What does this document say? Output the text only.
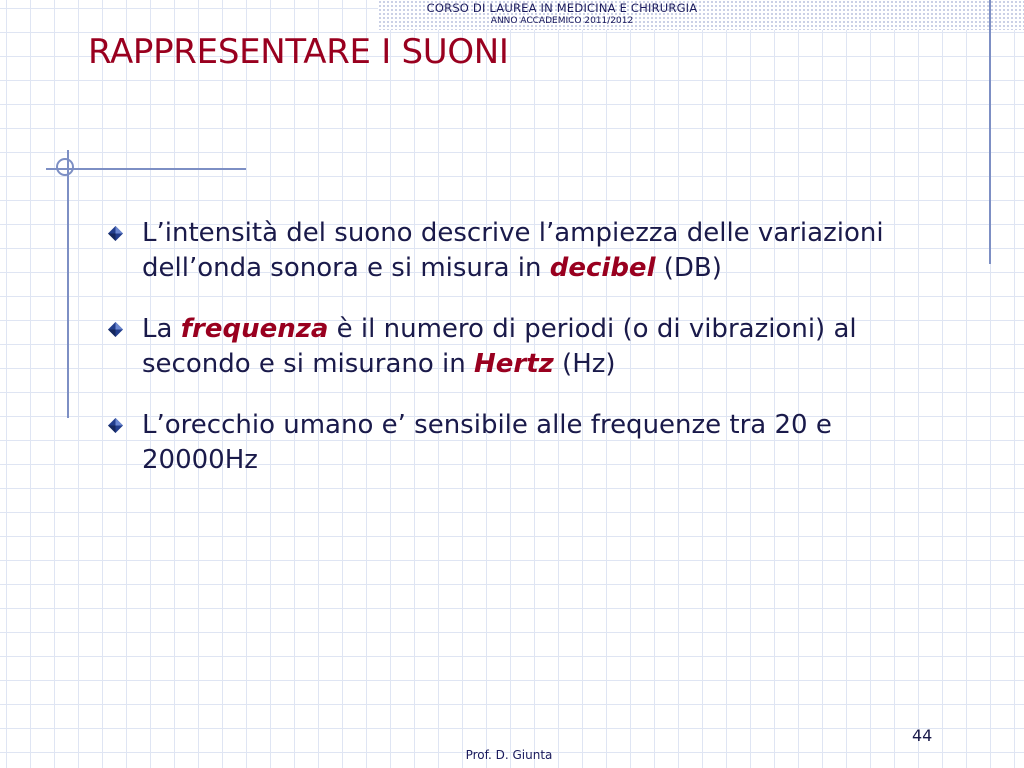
CORSO DI LAUREA IN MEDICINA E CHIRURGIA
ANNO ACCADEMICO 2011/2012
RAPPRESENTARE I SUONI
L’intensità del suono descrive l’ampiezza delle variazioni dell’onda sonora e si misura in decibel (DB)
La frequenza è il numero di periodi (o di vibrazioni) al secondo e si misurano in Hertz (Hz)
L’orecchio umano e’ sensibile alle frequenze tra 20 e 20000Hz
44
Prof. D. Giunta
